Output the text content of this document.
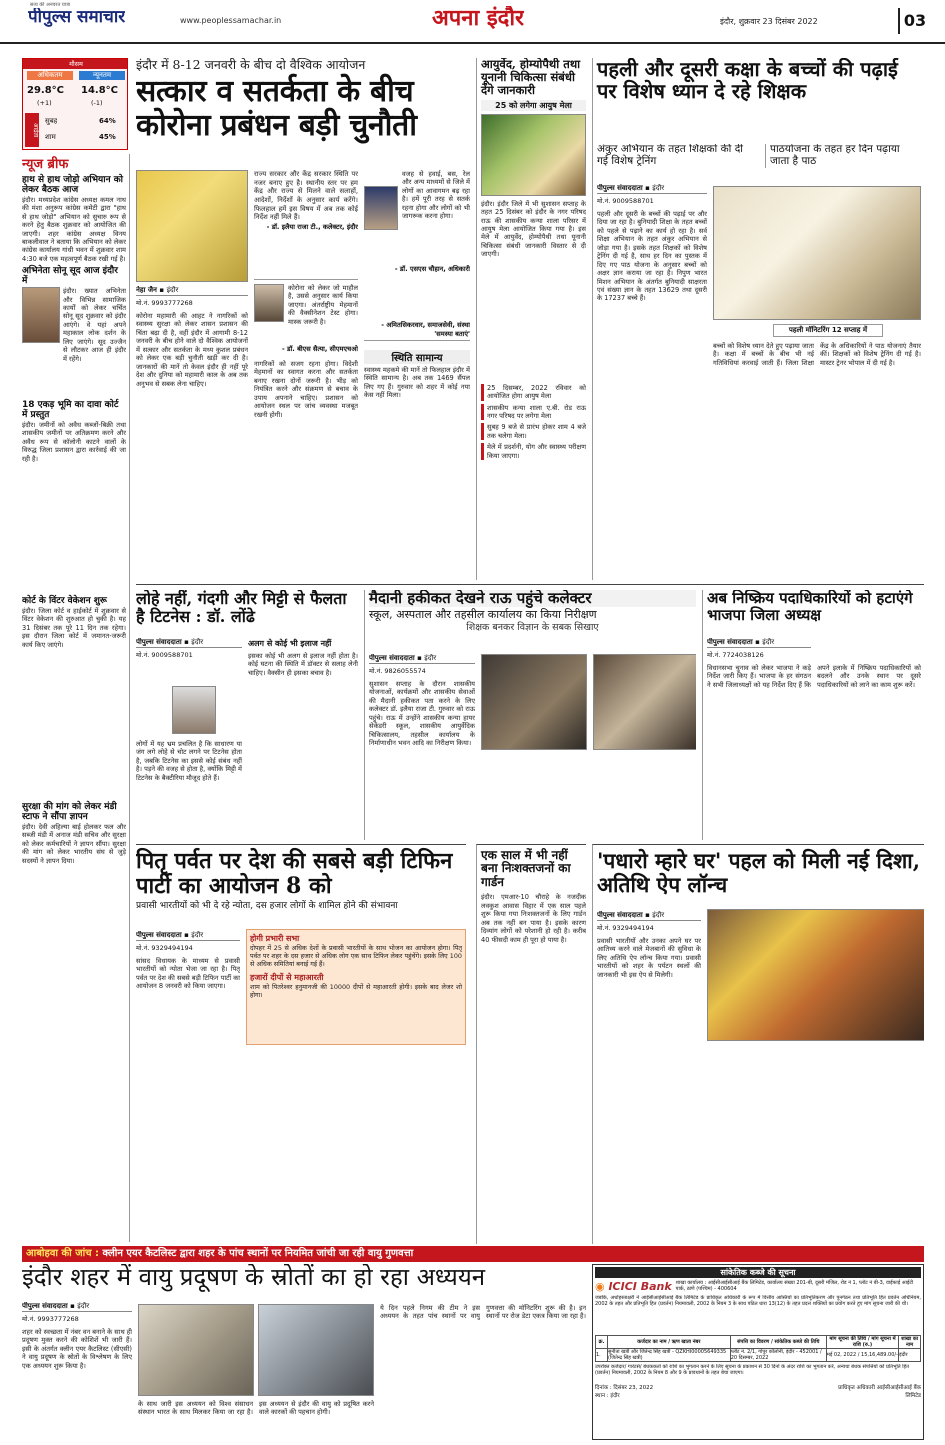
सत्य की अनवरत यात्रा
पीपुल्स समाचार	www.peoplessamachar.in	अपना इंदौर	इंदौर, शुक्रवार 23 दिसंबर 2022	03
मौसम
अधिकतम	न्यूनतम
29.8°C 14.8°C
(+1)	(-1)
आर्द्रता
सुबह	64%
शाम	45%
न्यूज ब्रीफ
हाथ से हाथ जोड़ो अभियान को लेकर बैठक आज
इंदौर। मध्यप्रदेश कांग्रेस अध्यक्ष कमल नाथ की मंशा अनुरूप कांग्रेस कमेटी द्वारा "हाथ से हाथ जोड़ो" अभियान को सुचारु रूप से करने हेतु बैठक शुक्रवार को आयोजित की जाएगी। शहर कांग्रेस अध्यक्ष विनय बाकलीवाल ने बताया कि अभियान को लेकर कांग्रेस कार्यालय गांधी भवन में शुक्रवार शाम 4:30 बजे एक महत्वपूर्ण बैठक रखी गई है।
अभिनेता सोनू सूद आज इंदौर में
इंदौर। ख्यात अभिनेता और विभिन्न सामाजिक कार्यों को लेकर चर्चित सोनू सूद शुक्रवार को इंदौर आएंगे। वे यहां अपने महाकाल लोक दर्शन के लिए जाएंगे। सूद उज्जैन से लौटकर आज ही इंदौर में रहेंगे।
18 एकड़ भूमि का दावा कोर्ट में प्रस्तुत
इंदौर। जमीनों को अवैध कब्जों-बिक्री तथा शासकीय जमीनों पर अतिक्रमण करने और अवैध रूप से कॉलोनी काटने वालों के विरुद्ध जिला प्रशासन द्वारा कार्रवाई की जा रही है।

कोर्ट के विंटर वेकेशन शुरू
इंदौर। जिला कोर्ट व हाईकोर्ट में शुक्रवार से विंटर वेकेशन की शुरुआत हो चुकी है। यह 31 दिसंबर तक पूरे 11 दिन तक रहेगा। इस दौरान जिला कोर्ट में जमानत-जरूरी कार्य किए जाएंगे।

सुरक्षा की मांग को लेकर मंडी स्टाफ ने सौंपा ज्ञापन
इंदौर। देवी अहिल्या बाई होलकर फल और सब्जी मंडी में अनाज मंडी सचिव और सुरक्षा को लेकर कर्मचारियों ने ज्ञापन सौंपा। सुरक्षा की मांग को लेकर भारतीय संघ से जुड़े सदस्यों ने ज्ञापन दिया।
इंदौर में 8-12 जनवरी के बीच दो वैश्विक आयोजन
सत्कार व सतर्कता के बीच कोरोना प्रबंधन बड़ी चुनौती
नेहा जैन ▪ इंदौर
मो.नं. 9993777268
कोरोना महामारी की आहट ने नागरिकों को स्वास्थ्य सुरक्षा को लेकर शासन प्रशासन की चिंता बढ़ा दी है, वहीं इंदौर में आगामी 8-12 जनवरी के बीच होने वाले दो वैश्विक आयोजनों में सत्कार और सतर्कता के मध्य कुशल प्रबंधन को लेकर एक बड़ी चुनौती खड़ी कर दी है। जानकारों की मानें तो केवल इंदौर ही नहीं पूरे देश और दुनिया को महामारी काल के अब तक अनुभव से सबक लेना चाहिए।
राज्य सरकार और केंद्र सरकार स्थिति पर नजर बनाए हुए है। स्थानीय स्तर पर हम केंद्र और राज्य से मिलने वाले सलाहों, आदेशों, निर्देशों के अनुसार कार्य करेंगे। फिलहाल हमें इस विषय में अब तक कोई निर्देश नहीं मिले हैं।
- डॉ. इलैया राजा टी., कलेक्टर, इंदौर
कोरोना को लेकर जो माहौल है, उससे अनुसार कार्य किया जाएगा। अंतर्राष्ट्रीय मेहमानों की वैक्सीनेशन टेस्ट होगा। मास्क जरूरी है।
- डॉ. बीएस सैत्या, सीएमएचओ
नागरिकों को सजग रहना होगा। विदेशी मेहमानों का स्वागत करना और सतर्कता बनाए रखना दोनों जरूरी है। भीड़ को नियंत्रित करने और संक्रमण से बचाव के उपाय अपनाने चाहिए। प्रशासन को आयोजन स्थल पर जांच व्यवस्था मजबूत रखनी होगी।
वजह से हवाई, बस, रेल और अन्य माध्यमों से जिले में लोगों का आवागमन बढ़ रहा है। हमें पूरी तरह से सतर्क रहना होगा और लोगों को भी जागरूक करना होगा।
- डॉ. एसएस चौहान, अधिकारी
- अमितसिकरवार, समाजसेवी, संस्था 'समस्या बताएं'
स्थिति सामान्य
स्वास्थ्य महकमे की मानें तो फिलहाल इंदौर में स्थिति सामान्य है। अब तक 1469 सैंपल लिए गए हैं। गुरुवार को शहर में कोई नया केस नहीं मिला।
आयुर्वेद, होम्योपैथी तथा यूनानी चिकित्सा संबंधी देंगे जानकारी
25 को लगेगा आयुष मेला
इंदौर। इंदौर जिले में भी सुशासन सप्ताह के तहत 25 दिसंबर को इंदौर के नगर परिषद राऊ की शासकीय कन्या शाला परिसर में आयुष मेला आयोजित किया गया है। इस मेले में आयुर्वेद, होम्योपैथी तथा यूनानी चिकित्सा संबंधी जानकारी विस्तार से दी जाएगी।
25 दिसम्बर, 2022 रविवार को आयोजित होगा आयुष मेला
शासकीय कन्या शाला ए.बी. रोड राऊ नगर परिषद पर लगेगा मेला
सुबह 9 बजे से प्रारंभ होकर शाम 4 बजे तक चलेगा मेला।
मेले में प्रदर्शनी, योग और स्वास्थ्य परीक्षण किया जाएगा।
पहली और दूसरी कक्षा के बच्चों की पढ़ाई पर विशेष ध्यान दे रहे शिक्षक
अंकुर अभियान के तहत शिक्षकों की दी गई विशेष ट्रेनिंग
पाठयोजना के तहत हर दिन पढ़ाया जाता है पाठ
पीपुल्स संवाददाता ▪ इंदौर
मो.नं. 9009588701
पहली और दूसरी के बच्चों की पढ़ाई पर और दिया जा रहा है। बुनियादी शिक्षा के तहत बच्चों को पहले से पढ़ाने का कार्य हो रहा है। सर्व शिक्षा अभियान के तहत अंकुर अभियान से जोड़ा गया है। इसके तहत शिक्षकों को विशेष ट्रेनिंग दी गई है, साथ हर दिन का पुस्तक में दिए गए पाठ योजना के अनुसार बच्चों को अक्षर ज्ञान कराया जा रहा है। निपुण भारत मिशन अभियान के अंतर्गत बुनियादी साक्षरता एवं संख्या ज्ञान के तहत 13629 तथा दूसरी के 17237 बच्चे हैं।
पहली मॉनिटरिंग 12 सप्ताह में
बच्चों को विशेष ध्यान देते हुए पढ़ाया जाता है। कक्षा में बच्चों के बीच भी नई गतिविधियां करवाई जाती हैं। जिला शिक्षा केंद्र के अधिकारियों ने पाठ योजनाएं तैयार कीं। शिक्षकों को विशेष ट्रेनिंग दी गई है। मास्टर ट्रेनर भोपाल में दी गई है।
लोहे नहीं, गंदगी और मिट्टी से फैलता है टिटनेस : डॉ. लोंढे
पीपुल्स संवाददाता ▪ इंदौर
मो.नं. 9009588701
लोगों में यह भ्रम प्रचलित है कि साधारण या जंग लगे लोहे से चोट लगने पर टिटनेस होता है, जबकि टिटनेस का इससे कोई संबंध नहीं है। पड़ने की वजह से होता है, क्योंकि मिट्टी में टिटनेस के बैक्टीरिया मौजूद होते हैं।
अलग से कोई भी इलाज नहीं
इसका कोई भी अलग से इलाज नहीं होता है। कोई घटना की स्थिति में डॉक्टर से सलाह लेनी चाहिए। वैक्सीन ही इसका बचाव है।
मैदानी हकीकत देखने राऊ पहुंचे कलेक्टर
स्कूल, अस्पताल और तहसील कार्यालय का किया निरीक्षण
शिक्षक बनकर विज्ञान के सबक सिखाए
पीपुल्स संवाददाता ▪ इंदौर
मो.नं. 9826055574
सुशासन सप्ताह के दौरान शासकीय योजनाओं, कार्यक्रमों और शासकीय सेवाओं की मैदानी हकीकत पता करने के लिए कलेक्टर डॉ. इलैया राजा टी. गुरुवार को राऊ पहुंचे। राऊ में उन्होंने शासकीय कन्या हायर सेकेंडरी स्कूल, शासकीय आयुर्वेदिक चिकित्सालय, तहसील कार्यालय के निर्माणाधीन भवन आदि का निरीक्षण किया।
अब निष्क्रिय पदाधिकारियों को हटाएंगे भाजपा जिला अध्यक्ष
पीपुल्स संवाददाता ▪ इंदौर
मो.नं. 7724038126
विधानसभा चुनाव को लेकर भाजपा ने कड़े निर्देश जारी किए हैं। भाजपा के हर संगठन ने सभी जिलाध्यक्षों को यह निर्देश दिए हैं कि अपने इलाके में निष्क्रिय पदाधिकारियों को बदलने और उनके स्थान पर दूसरे पदाधिकारियों को लाने का काम शुरू करें।
पितृ पर्वत पर देश की सबसे बड़ी टिफिन पार्टी का आयोजन 8 को
प्रवासी भारतीयों को भी दे रहे न्योता, दस हजार लोगों के शामिल होने की संभावना
पीपुल्स संवाददाता ▪ इंदौर
मो.नं. 9329494194
होगी प्रभारी सभा
दोपहर में 25 से अधिक देशों के प्रवासी भारतीयों के साथ भोजन का आयोजन होगा। पितृ पर्वत पर शहर के दस हजार से अधिक लोग एक साथ टिफिन लेकर पहुंचेंगे। इसके लिए 100 से अधिक समितियां बनाई गई हैं।
हजारों दीपों से महाआरती
शाम को पितरेश्वर हनुमानजी की 10000 दीपों से महाआरती होगी। इसके बाद लेजर शो होगा।
सांसद विधायक के माध्यम से प्रवासी भारतीयों को न्योता भेजा जा रहा है। पितृ पर्वत पर देश की सबसे बड़ी टिफिन पार्टी का आयोजन 8 जनवरी को किया जाएगा।
एक साल में भी नहीं बना निःशक्तजनों का गार्डन
इंदौर। एमआर-10 चौराहे के नजदीक लवकुश आवास विहार में एक साल पहले शुरू किया गया निःशक्तजनों के लिए गार्डन अब तक नहीं बन पाया है। इसके कारण दिव्यांग लोगों को परेशानी हो रही है। करीब 40 फीसदी काम ही पूरा हो पाया है।
'पधारो म्हारे घर' पहल को मिली नई दिशा, अतिथि ऐप लॉन्च
पीपुल्स संवाददाता ▪ इंदौर
मो.नं. 9329494194
प्रवासी भारतीयों और उनका अपने घर पर आतिथ्य करने वाले मेजबानों की सुविधा के लिए अतिथि ऐप लॉन्च किया गया। प्रवासी भारतीयों को शहर के पर्यटन स्थलों की जानकारी भी इस ऐप से मिलेगी।
आबोहवा की जांच : क्लीन एयर कैटलिस्ट द्वारा शहर के पांच स्थानों पर नियमित जांची जा रही वायु गुणवत्ता
इंदौर शहर में वायु प्रदूषण के स्रोतों का हो रहा अध्ययन
पीपुल्स संवाददाता ▪ इंदौर
मो.नं. 9993777268
शहर को स्वच्छता में नंबर वन बनाने के साथ ही प्रदूषण मुक्त करने की कोशिशें भी जारी हैं। इसी के अंतर्गत क्लीन एयर कैटलिस्ट (सीएसी) ने वायु प्रदूषण के स्रोतों के विश्लेषण के लिए एक अध्ययन शुरू किया है।
के साथ जारी इस अध्ययन को विश्व संसाधन संस्थान भारत के साथ मिलकर किया जा रहा है। इस अध्ययन से इंदौर की वायु को प्रदूषित करने वाले कारकों की पहचान होगी।
ये दिन पहले निगम की टीम ने इस अध्ययन के तहत पांच स्थानों पर वायु गुणवत्ता की मॉनिटरिंग शुरू की है। इन स्थानों पर रोज डेटा एकत्र किया जा रहा है।
सांकेतिक कब्जे की सूचना
◉ ICICI Bank शाखा कार्यालय : आईसीआईसीआई बैंक लिमिटेड, कार्यालय संख्या 201-बी, दूसरी मंजिल, रोड नं 1, प्लॉट नं बी-3, वाईफाई आईटी पार्क, ठाणे (पश्चिम) - 400604
जबकि, अधोहस्ताक्षरी ने आईसीआईसीआई बैंक लिमिटेड के प्राधिकृत अधिकारी के रूप में वित्तीय आस्तियों का प्रतिभूतिकरण और पुनर्गठन तथा प्रतिभूति हित प्रवर्तन अधिनियम, 2002 के तहत और प्रतिभूति हित (प्रवर्तन) नियमावली, 2002 के नियम 3 के साथ पठित धारा 13(12) के तहत प्रदत्त शक्तियों का प्रयोग करते हुए मांग सूचना जारी की थी।
क्र.	कर्जदार का नाम / ऋण खाता नंबर	संपत्ति का विवरण / सांकेतिक कब्जे की तिथि	मांग सूचना की तिथि / मांग सूचना में राशि (रु.)	शाखा का नाम
1.	सुनीता खत्री और जितेन्द्र सिंह खत्री - QZKHI00005649335 (जितेन्द्र सिंह खत्री)	प्लॉट नं. 2/1, गोपुर कॉलोनी, इंदौर - 452001 / 20 दिसम्बर, 2022	मई 02, 2022 / 15,16,489.00/-	इंदौर
उपरोक्त कर्जदार/ गारंटर्स/ बंधककर्ता को राशि का भुगतान करने के लिए सूचना के प्रकाशन से 30 दिनों के अंदर राशि का भुगतान करें, अन्यथा बंधक संपत्तियों को प्रतिभूति हित (प्रवर्तन) नियमावली, 2002 के नियम 8 और 9 के प्रावधानों के तहत बेचा जाएगा।
दिनांक : दिसंबर 23, 2022
स्थान : इंदौर
प्राधिकृत अधिकारी आईसीआईसीआई बैंक लिमिटेड
